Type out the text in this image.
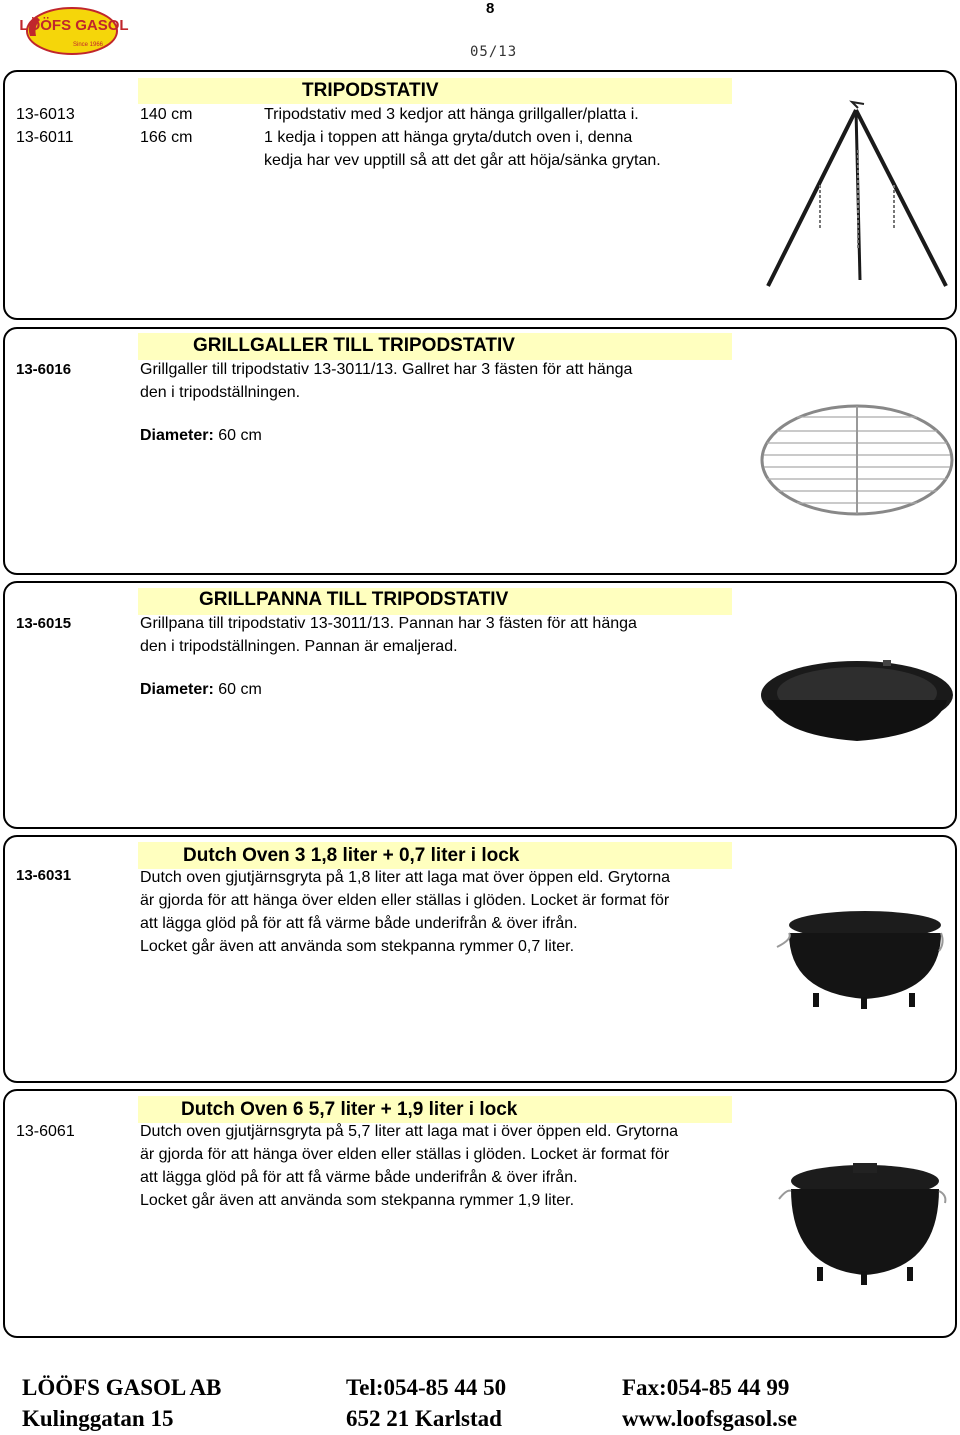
LÖÖFS GASOL
Since 1966
8
05/13
TRIPODSTATIV
13-6013	140 cm	Tripodstativ med 3 kedjor att hänga grillgaller/platta i.
13-6011	166 cm	1 kedja i toppen att hänga gryta/dutch oven i, denna
kedja har vev upptill så att det går att höja/sänka grytan.
GRILLGALLER TILL TRIPODSTATIV
13-6016	Grillgaller till tripodstativ 13-3011/13. Gallret har 3 fästen för att hänga
den i tripodställningen.
Diameter: 60 cm
GRILLPANNA TILL TRIPODSTATIV
13-6015	Grillpana till tripodstativ 13-3011/13. Pannan har 3 fästen för att hänga
den i tripodställningen. Pannan är emaljerad.
Diameter: 60 cm
Dutch Oven 3 1,8 liter + 0,7 liter i lock
13-6031	Dutch oven gjutjärnsgryta på 1,8 liter att laga mat över öppen eld. Grytorna
är gjorda för att hänga över elden eller ställas i glöden. Locket är format för
att lägga glöd på för att få värme både underifrån & över ifrån.
Locket går även att använda som stekpanna rymmer 0,7 liter.
Dutch Oven 6 5,7 liter + 1,9 liter i lock
13-6061	Dutch oven gjutjärnsgryta på 5,7 liter att laga mat i över öppen eld. Grytorna
är gjorda för att hänga över elden eller ställas i glöden. Locket är format för
att lägga glöd på för att få värme både underifrån & över ifrån.
Locket går även att använda som stekpanna rymmer 1,9 liter.
LÖÖFS GASOL AB	Tel:054-85 44 50	Fax:054-85 44 99
Kulinggatan 15	652 21 Karlstad	www.loofsgasol.se
